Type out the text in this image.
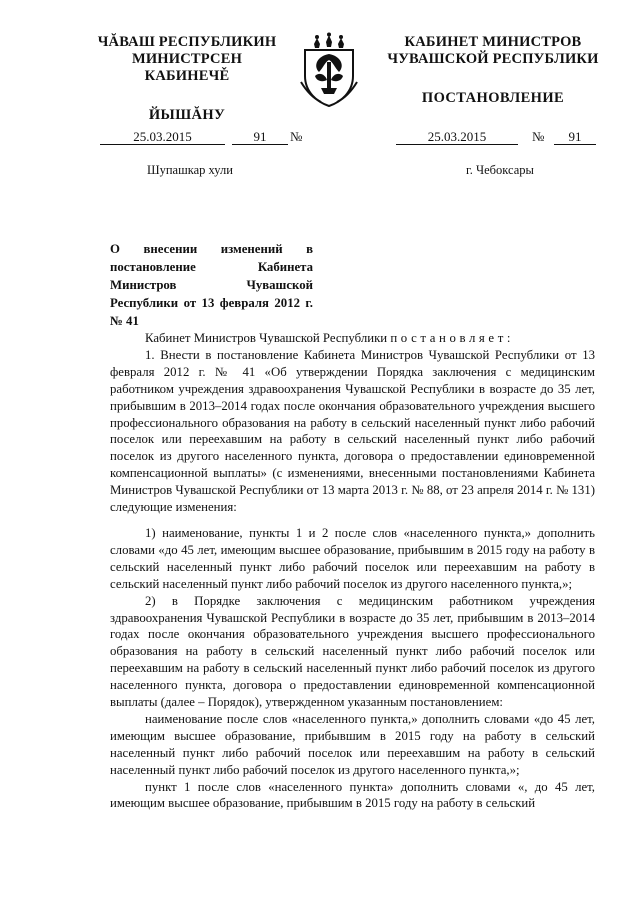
ЧĂВАШ РЕСПУБЛИКИН
МИНИСТРСЕН КАБИНЕЧĚ
ЙЫШĂНУ
КАБИНЕТ МИНИСТРОВ
ЧУВАШСКОЙ РЕСПУБЛИКИ
ПОСТАНОВЛЕНИЕ
25.03.2015	91	№	25.03.2015	№	91
Шупашкар хули	г. Чебоксары
О внесении изменений в постановление Кабинета Министров Чувашской Республики от 13 февраля 2012 г. № 41

Кабинет Министров Чувашской Республики постановляет:

1. Внести в постановление Кабинета Министров Чувашской Республики от 13 февраля 2012 г. № 41 «Об утверждении Порядка заключения с медицинским работником учреждения здравоохранения Чувашской Республики в возрасте до 35 лет, прибывшим в 2013–2014 годах после окончания образовательного учреждения высшего профессионального образования на работу в сельский населенный пункт либо рабочий поселок или переехавшим на работу в сельский населенный пункт либо рабочий поселок из другого населенного пункта, договора о предоставлении единовременной компенсационной выплаты» (с изменениями, внесенными постановлениями Кабинета Министров Чувашской Республики от 13 марта 2013 г. № 88, от 23 апреля 2014 г. № 131) следующие изменения:

1) наименование, пункты 1 и 2 после слов «населенного пункта,» дополнить словами «до 45 лет, имеющим высшее образование, прибывшим в 2015 году на работу в сельский населенный пункт либо рабочий поселок или переехавшим на работу в сельский населенный пункт либо рабочий поселок из другого населенного пункта,»;

2) в Порядке заключения с медицинским работником учреждения здравоохранения Чувашской Республики в возрасте до 35 лет, прибывшим в 2013–2014 годах после окончания образовательного учреждения высшего профессионального образования на работу в сельский населенный пункт либо рабочий поселок или переехавшим на работу в сельский населенный пункт либо рабочий поселок из другого населенного пункта, договора о предоставлении единовременной компенсационной выплаты (далее – Порядок), утвержденном указанным постановлением:

наименование после слов «населенного пункта,» дополнить словами «до 45 лет, имеющим высшее образование, прибывшим в 2015 году на работу в сельский населенный пункт либо рабочий поселок или переехавшим на работу в сельский населенный пункт либо рабочий поселок из другого населенного пункта,»;

пункт 1 после слов «населенного пункта» дополнить словами «, до 45 лет, имеющим высшее образование, прибывшим в 2015 году на работу в сельский
